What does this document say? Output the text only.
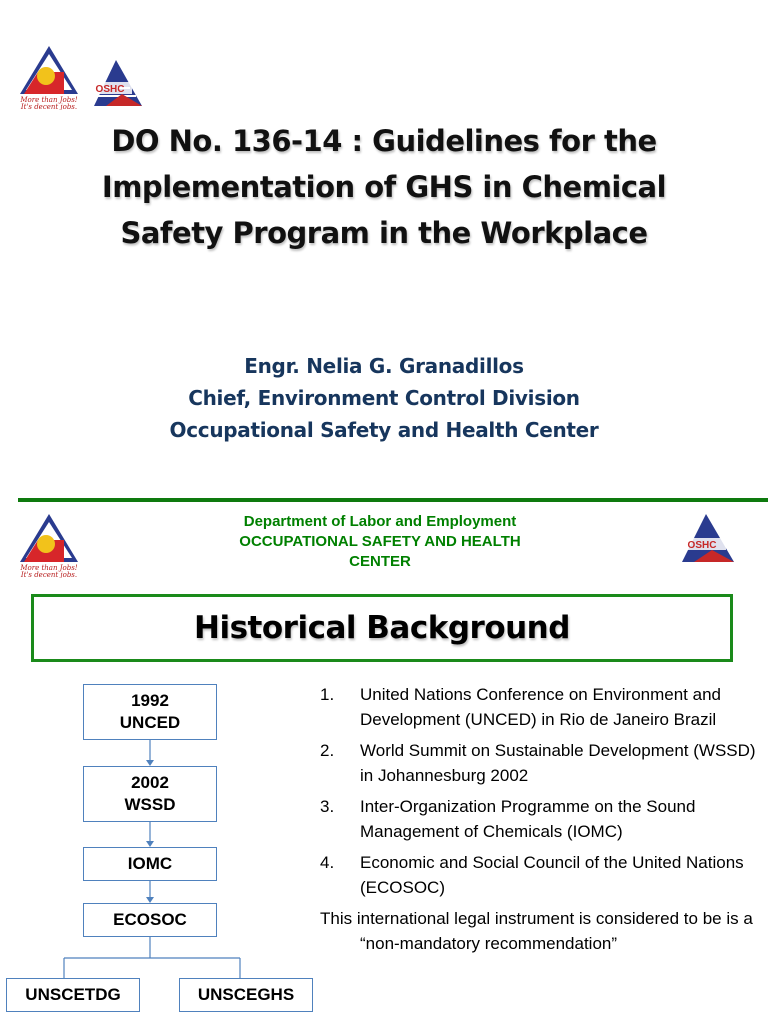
More than Jobs!
It's decent jobs.
OSHC
DO No. 136-14 : Guidelines for the
Implementation of GHS in Chemical
Safety Program in the Workplace
Engr. Nelia G. Granadillos
Chief, Environment Control Division
Occupational Safety and Health Center
More than Jobs!
It's decent jobs.
Department of Labor and Employment
OCCUPATIONAL SAFETY AND HEALTH
CENTER
OSHC
Historical Background
1992
UNCED
2002
WSSD
IOMC
ECOSOC
UNSCETDG	UNSCEGHS
1.	United Nations Conference on Environment and Development (UNCED) in Rio de Janeiro Brazil
2.	World Summit on Sustainable Development (WSSD) in Johannesburg 2002
3.	Inter-Organization Programme on the Sound Management of Chemicals (IOMC)
4.	Economic and Social Council of the United Nations (ECOSOC)
This international legal instrument is considered to be is a “non-mandatory recommendation”
